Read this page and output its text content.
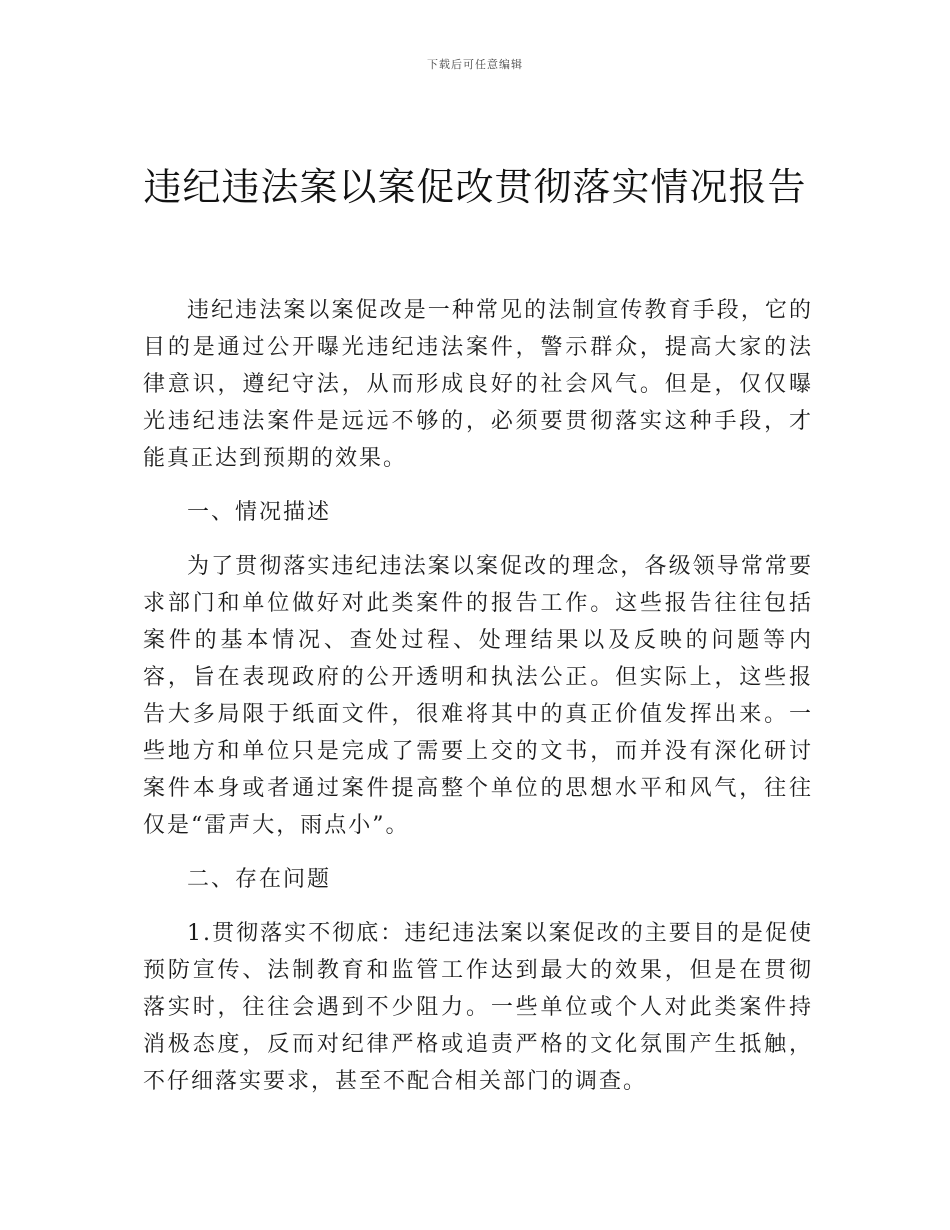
下载后可任意编辑
违纪违法案以案促改贯彻落实情况报告

违纪违法案以案促改是一种常见的法制宣传教育手段，它的目的是通过公开曝光违纪违法案件，警示群众，提高大家的法律意识，遵纪守法，从而形成良好的社会风气。但是，仅仅曝光违纪违法案件是远远不够的，必须要贯彻落实这种手段，才能真正达到预期的效果。

一、情况描述

为了贯彻落实违纪违法案以案促改的理念，各级领导常常要求部门和单位做好对此类案件的报告工作。这些报告往往包括案件的基本情况、查处过程、处理结果以及反映的问题等内容，旨在表现政府的公开透明和执法公正。但实际上，这些报告大多局限于纸面文件，很难将其中的真正价值发挥出来。一些地方和单位只是完成了需要上交的文书，而并没有深化研讨案件本身或者通过案件提高整个单位的思想水平和风气，往往仅是“雷声大，雨点小”。

二、存在问题

1.贯彻落实不彻底：违纪违法案以案促改的主要目的是促使预防宣传、法制教育和监管工作达到最大的效果，但是在贯彻落实时，往往会遇到不少阻力。一些单位或个人对此类案件持消极态度，反而对纪律严格或追责严格的文化氛围产生抵触，不仔细落实要求，甚至不配合相关部门的调查。
